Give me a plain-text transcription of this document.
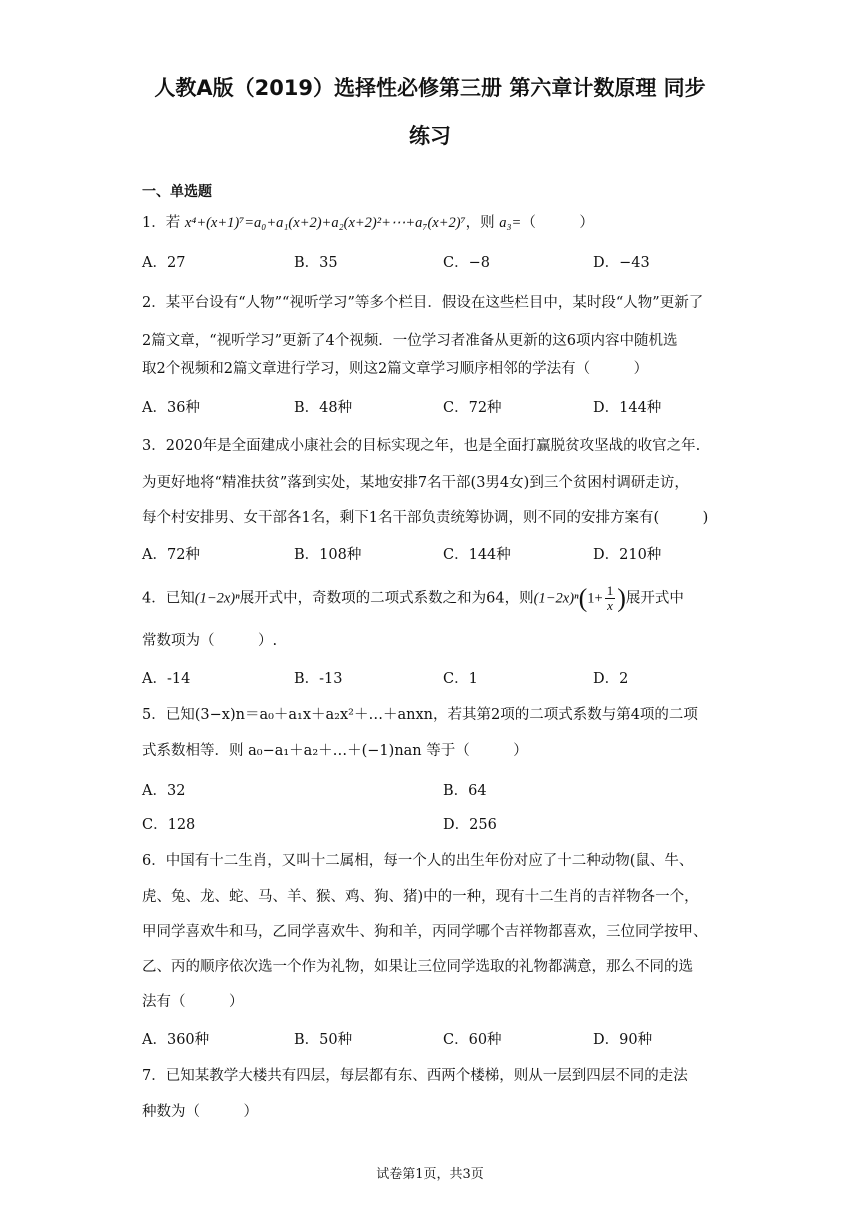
人教A版（2019）选择性必修第三册 第六章计数原理 同步
练习
一、单选题
1．若 x⁴+(x+1)⁷=a₀+a₁(x+2)+a₂(x+2)²+⋯+a₇(x+2)⁷，则 a₃=（　　　）
A．27	B．35	C．−8	D．−43
2．某平台设有“人物”“视听学习”等多个栏目．假设在这些栏目中，某时段“人物”更新了
2篇文章，“视听学习”更新了4个视频．一位学习者准备从更新的这6项内容中随机选
取2个视频和2篇文章进行学习，则这2篇文章学习顺序相邻的学法有（　　　）
A．36种	B．48种	C．72种	D．144种
3．2020年是全面建成小康社会的目标实现之年，也是全面打赢脱贫攻坚战的收官之年.
为更好地将“精准扶贫”落到实处，某地安排7名干部(3男4女)到三个贫困村调研走访，
每个村安排男、女干部各1名，剩下1名干部负责统筹协调，则不同的安排方案有(　　　)
A．72种	B．108种	C．144种	D．210种
4．已知(1−2x)ⁿ展开式中，奇数项的二项式系数之和为64，则$(1-2x)^n(1+ \frac{1}{x}$ )展开式中
常数项为（　　　）.
A．-14	B．-13	C．1	D．2
5．已知(3−x)n＝a₀＋a₁x＋a₂x²＋…＋anxn，若其第2项的二项式系数与第4项的二项
式系数相等．则 a₀−a₁＋a₂＋…＋(−1)nan 等于（　　　）
A．32	B．64
C．128	D．256
6．中国有十二生肖，又叫十二属相，每一个人的出生年份对应了十二种动物(鼠、牛、
虎、兔、龙、蛇、马、羊、猴、鸡、狗、猪)中的一种，现有十二生肖的吉祥物各一个，
甲同学喜欢牛和马，乙同学喜欢牛、狗和羊，丙同学哪个吉祥物都喜欢，三位同学按甲、
乙、丙的顺序依次选一个作为礼物，如果让三位同学选取的礼物都满意，那么不同的选
法有（　　　）
A．360种	B．50种	C．60种	D．90种
7．已知某教学大楼共有四层，每层都有东、西两个楼梯，则从一层到四层不同的走法
种数为（　　　）
试卷第1页，共3页
